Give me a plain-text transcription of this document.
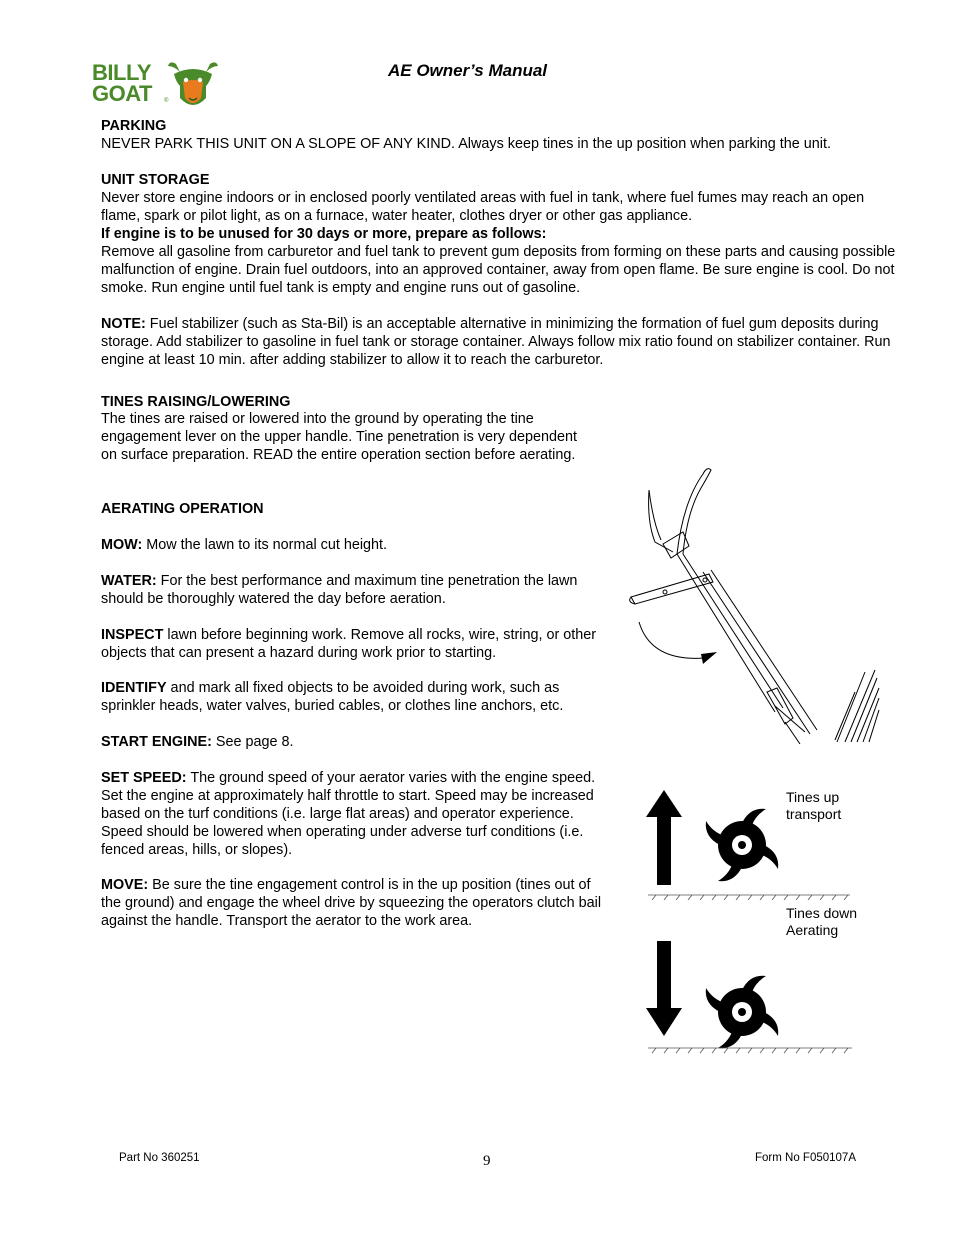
BILLY
GOAT ®
AE Owner’s Manual
PARKING
NEVER PARK THIS UNIT ON A SLOPE OF ANY KIND. Always keep tines in the up position when parking the unit.
UNIT STORAGE
Never store engine indoors or in enclosed poorly ventilated areas with fuel in tank, where fuel fumes may reach an open flame, spark or pilot light, as on a furnace, water heater, clothes dryer or other gas appliance.
If engine is to be unused for 30 days or more, prepare as follows:
Remove all gasoline from carburetor and fuel tank to prevent gum deposits from forming on these parts and causing possible malfunction of engine. Drain fuel outdoors, into an approved container, away from open flame. Be sure engine is cool. Do not smoke. Run engine until fuel tank is empty and engine runs out of gasoline.
NOTE: Fuel stabilizer (such as Sta-Bil) is an acceptable alternative in minimizing the formation of fuel gum deposits during storage. Add stabilizer to gasoline in fuel tank or storage container. Always follow mix ratio found on stabilizer container. Run engine at least 10 min. after adding stabilizer to allow it to reach the carburetor.
TINES RAISING/LOWERING
The tines are raised or lowered into the ground by operating the tine engagement lever on the upper handle. Tine penetration is very dependent on surface preparation. READ the entire operation section before aerating.
AERATING OPERATION
MOW: Mow the lawn to its normal cut height.
WATER: For the best performance and maximum tine penetration the lawn should be thoroughly watered the day before aeration.
INSPECT lawn before beginning work. Remove all rocks, wire, string, or other objects that can present a hazard during work prior to starting.
IDENTIFY and mark all fixed objects to be avoided during work, such as sprinkler heads, water valves, buried cables, or clothes line anchors, etc.
START ENGINE: See page 8.
SET SPEED: The ground speed of your aerator varies with the engine speed. Set the engine at approximately half throttle to start. Speed may be increased based on the turf conditions (i.e. large flat areas) and operator experience. Speed should be lowered when operating under adverse turf conditions (i.e. fenced areas, hills, or slopes).
MOVE: Be sure the tine engagement control is in the up position (tines out of the ground) and engage the wheel drive by squeezing the operators clutch bail against the handle. Transport the aerator to the work area.
Tines up
transport
Tines down
Aerating
Part No 360251	9	Form No F050107A
